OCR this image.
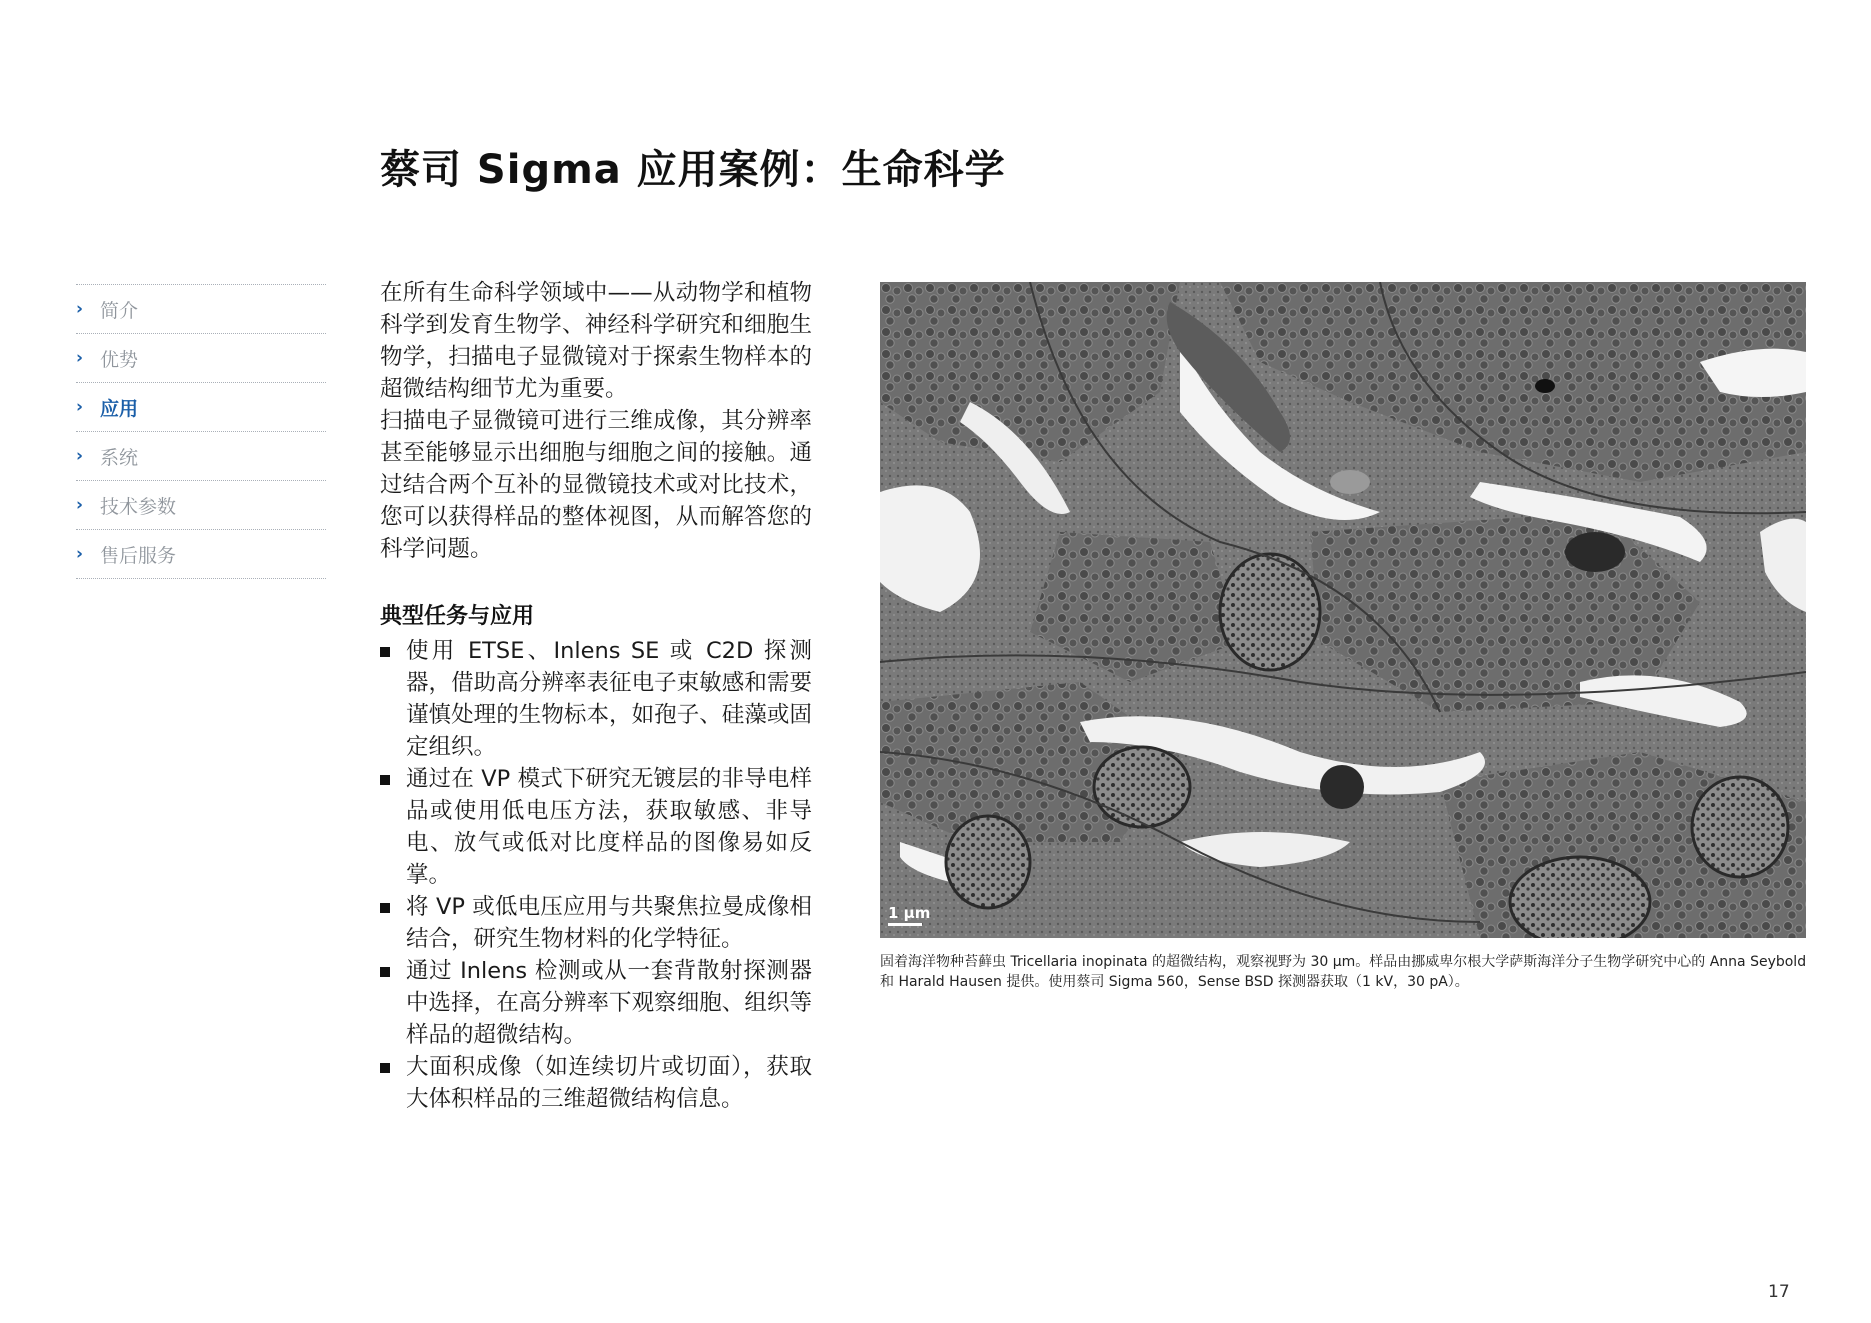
蔡司 Sigma 应用案例：生命科学
› 简介
› 优势
› 应用
› 系统
› 技术参数
› 售后服务

在所有生命科学领域中——从动物学和植物科学到发育生物学、神经科学研究和细胞生物学，扫描电子显微镜对于探索生物样本的超微结构细节尤为重要。

扫描电子显微镜可进行三维成像，其分辨率甚至能够显示出细胞与细胞之间的接触。通过结合两个互补的显微镜技术或对比技术，您可以获得样品的整体视图，从而解答您的科学问题。

典型任务与应用
使用 ETSE、Inlens SE 或 C2D 探测器，借助高分辨率表征电子束敏感和需要谨慎处理的生物标本，如孢子、硅藻或固定组织。
通过在 VP 模式下研究无镀层的非导电样品或使用低电压方法，获取敏感、非导电、放气或低对比度样品的图像易如反掌。
将 VP 或低电压应用与共聚焦拉曼成像相结合，研究生物材料的化学特征。
通过 Inlens 检测或从一套背散射探测器中选择，在高分辨率下观察细胞、组织等样品的超微结构。
大面积成像（如连续切片或切面），获取大体积样品的三维超微结构信息。
1 µm
固着海洋物种苔藓虫 Tricellaria inopinata 的超微结构，观察视野为 30 µm。样品由挪威卑尔根大学萨斯海洋分子生物学研究中心的 Anna Seybold 和 Harald Hausen 提供。使用蔡司 Sigma 560，Sense BSD 探测器获取（1 kV，30 pA）。
17
